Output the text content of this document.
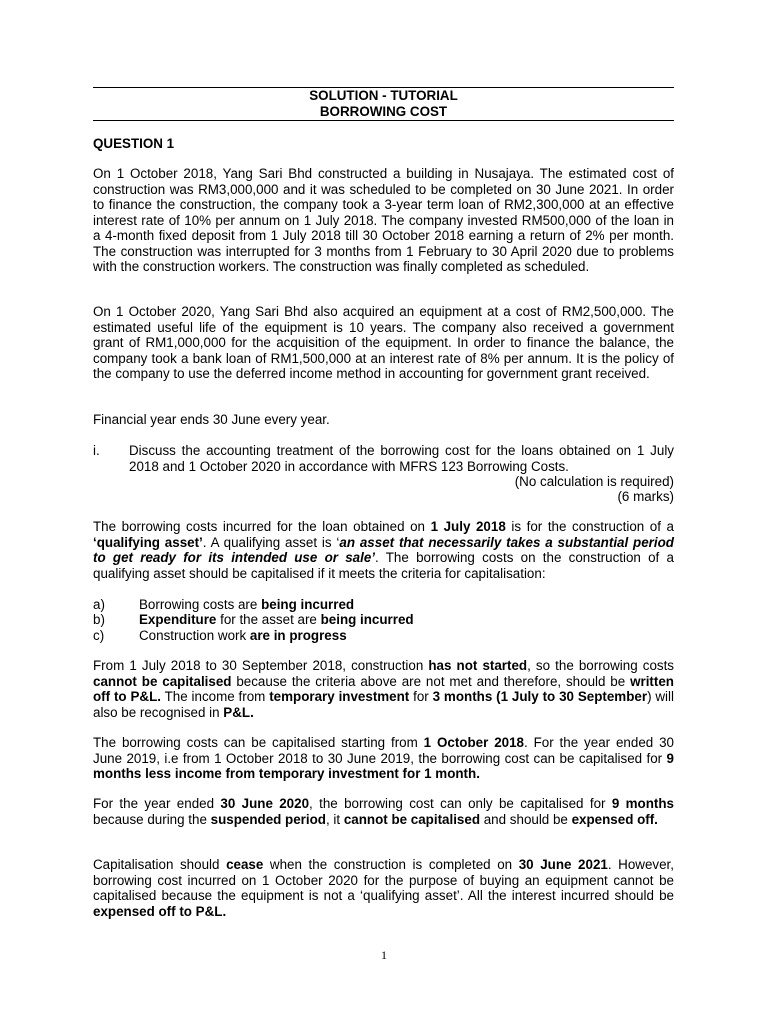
SOLUTION - TUTORIAL
BORROWING COST
QUESTION 1
On 1 October 2018, Yang Sari Bhd constructed a building in Nusajaya. The estimated cost of construction was RM3,000,000 and it was scheduled to be completed on 30 June 2021. In order to finance the construction, the company took a 3-year term loan of RM2,300,000 at an effective interest rate of 10% per annum on 1 July 2018. The company invested RM500,000 of the loan in a 4-month fixed deposit from 1 July 2018 till 30 October 2018 earning a return of 2% per month. The construction was interrupted for 3 months from 1 February to 30 April 2020 due to problems with the construction workers. The construction was finally completed as scheduled.
On 1 October 2020, Yang Sari Bhd also acquired an equipment at a cost of RM2,500,000. The estimated useful life of the equipment is 10 years. The company also received a government grant of RM1,000,000 for the acquisition of the equipment. In order to finance the balance, the company took a bank loan of RM1,500,000 at an interest rate of 8% per annum. It is the policy of the company to use the deferred income method in accounting for government grant received.
Financial year ends 30 June every year.
i. Discuss the accounting treatment of the borrowing cost for the loans obtained on 1 July 2018 and 1 October 2020 in accordance with MFRS 123 Borrowing Costs.
(No calculation is required)
(6 marks)
The borrowing costs incurred for the loan obtained on 1 July 2018 is for the construction of a ‘qualifying asset’. A qualifying asset is ‘an asset that necessarily takes a substantial period to get ready for its intended use or sale’. The borrowing costs on the construction of a qualifying asset should be capitalised if it meets the criteria for capitalisation:
a)	Borrowing costs are being incurred
b)	Expenditure for the asset are being incurred
c)	Construction work are in progress
From 1 July 2018 to 30 September 2018, construction has not started, so the borrowing costs cannot be capitalised because the criteria above are not met and therefore, should be written off to P&L. The income from temporary investment for 3 months (1 July to 30 September) will also be recognised in P&L.
The borrowing costs can be capitalised starting from 1 October 2018. For the year ended 30 June 2019, i.e from 1 October 2018 to 30 June 2019, the borrowing cost can be capitalised for 9 months less income from temporary investment for 1 month.
For the year ended 30 June 2020, the borrowing cost can only be capitalised for 9 months because during the suspended period, it cannot be capitalised and should be expensed off.
Capitalisation should cease when the construction is completed on 30 June 2021. However, borrowing cost incurred on 1 October 2020 for the purpose of buying an equipment cannot be capitalised because the equipment is not a ‘qualifying asset’. All the interest incurred should be expensed off to P&L.
1
